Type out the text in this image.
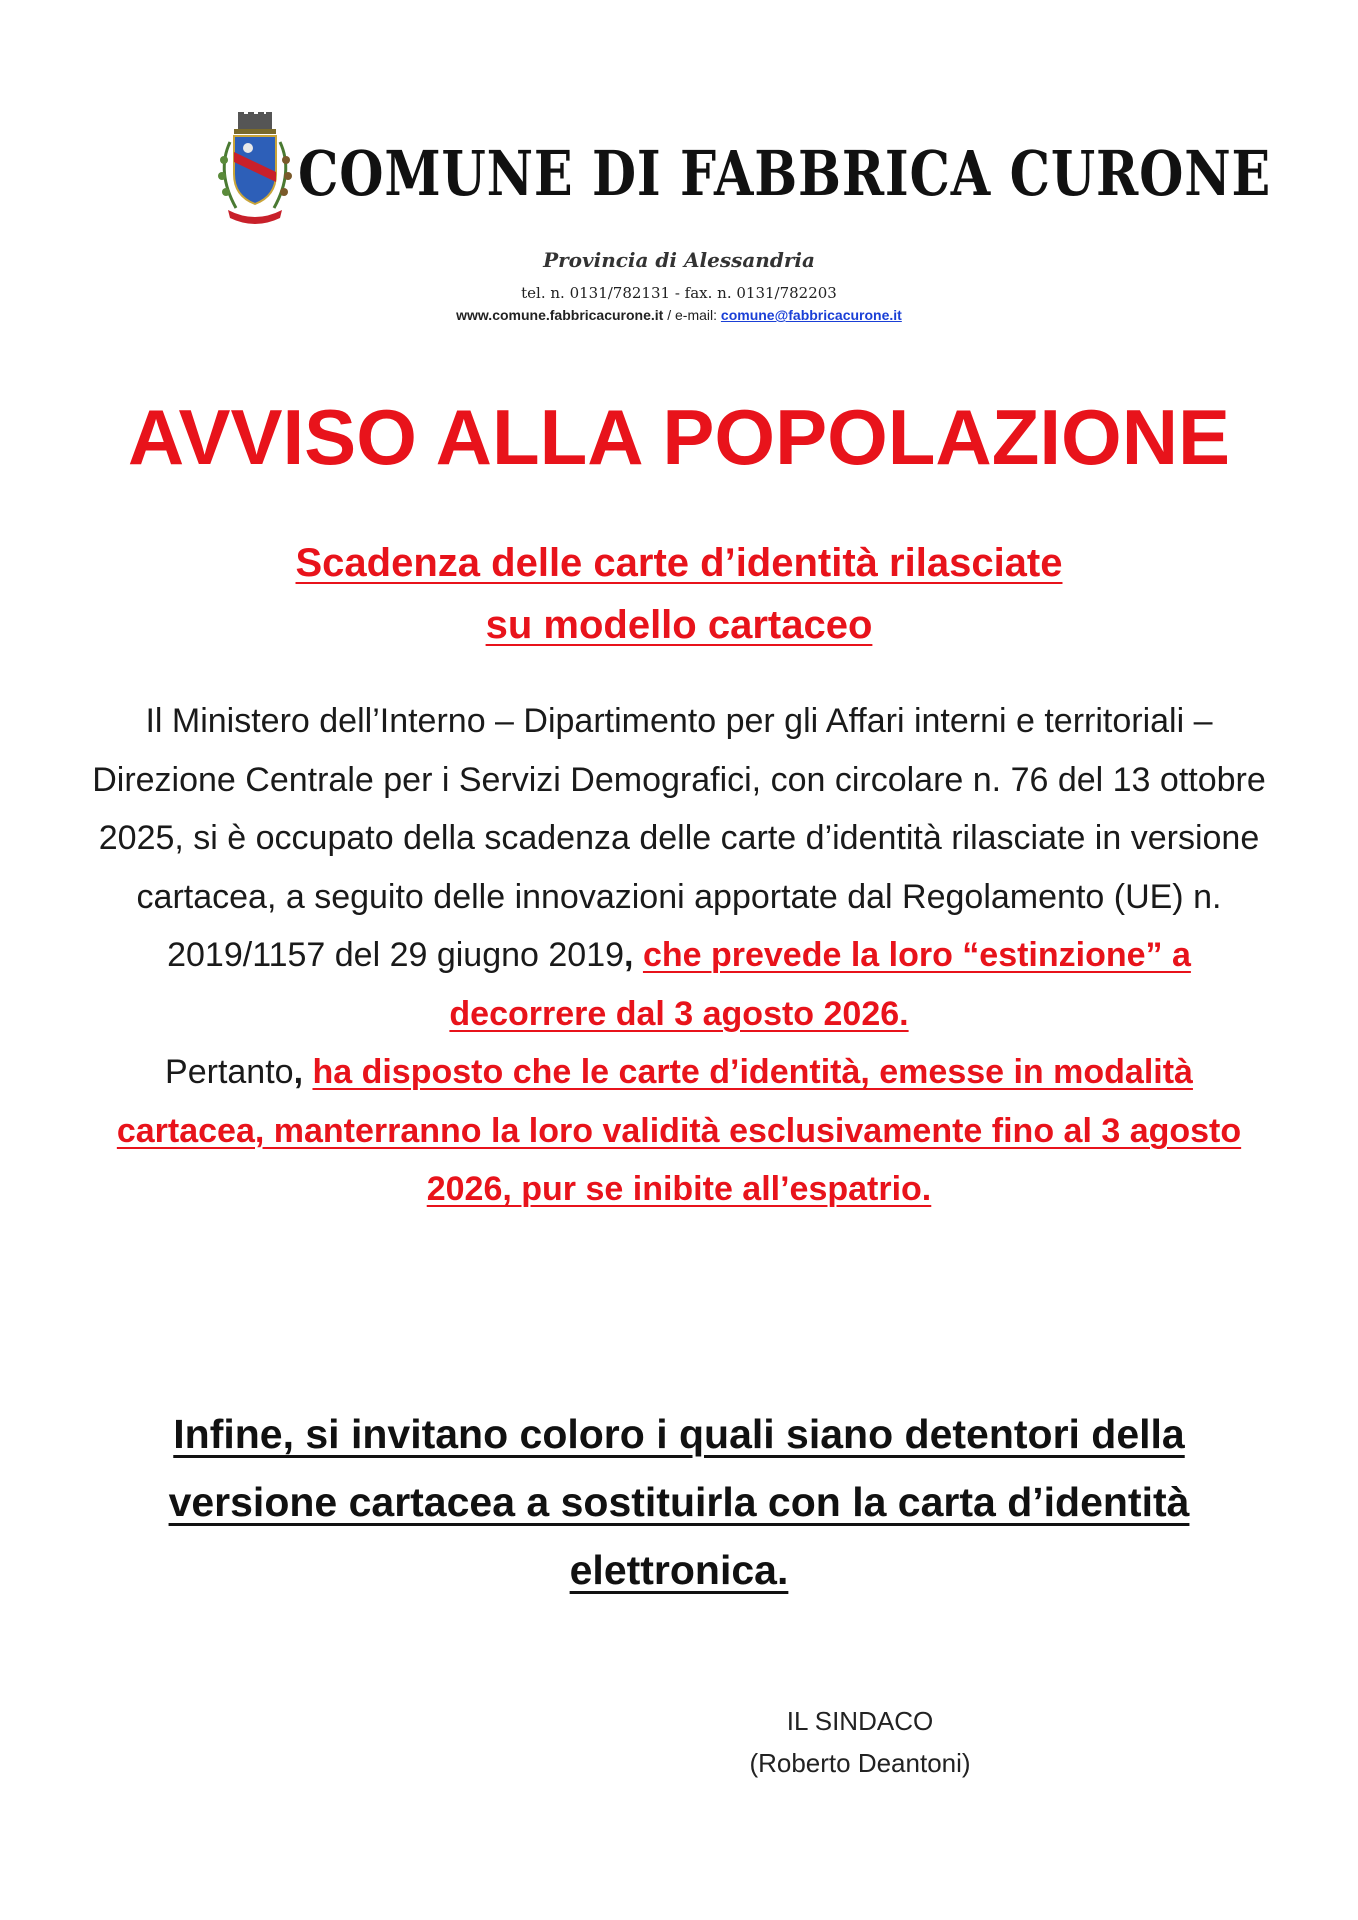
COMUNE DI FABBRICA CURONE
Provincia di Alessandria
tel. n. 0131/782131 - fax. n. 0131/782203
www.comune.fabbricacurone.it / e-mail: comune@fabbricacurone.it
AVVISO ALLA POPOLAZIONE
Scadenza delle carte d’identità rilasciate
su modello cartaceo
Il Ministero dell’Interno – Dipartimento per gli Affari interni e territoriali – Direzione Centrale per i Servizi Demografici, con circolare n. 76 del 13 ottobre 2025, si è occupato della scadenza delle carte d’identità rilasciate in versione cartacea, a seguito delle innovazioni apportate dal Regolamento (UE) n. 2019/1157 del 29 giugno 2019, che prevede la loro “estinzione” a decorrere dal 3 agosto 2026.
Pertanto, ha disposto che le carte d’identità, emesse in modalità cartacea, manterranno la loro validità esclusivamente fino al 3 agosto 2026, pur se inibite all’espatrio.
Infine, si invitano coloro i quali siano detentori della versione cartacea a sostituirla con la carta d’identità elettronica.
IL SINDACO
(Roberto Deantoni)
